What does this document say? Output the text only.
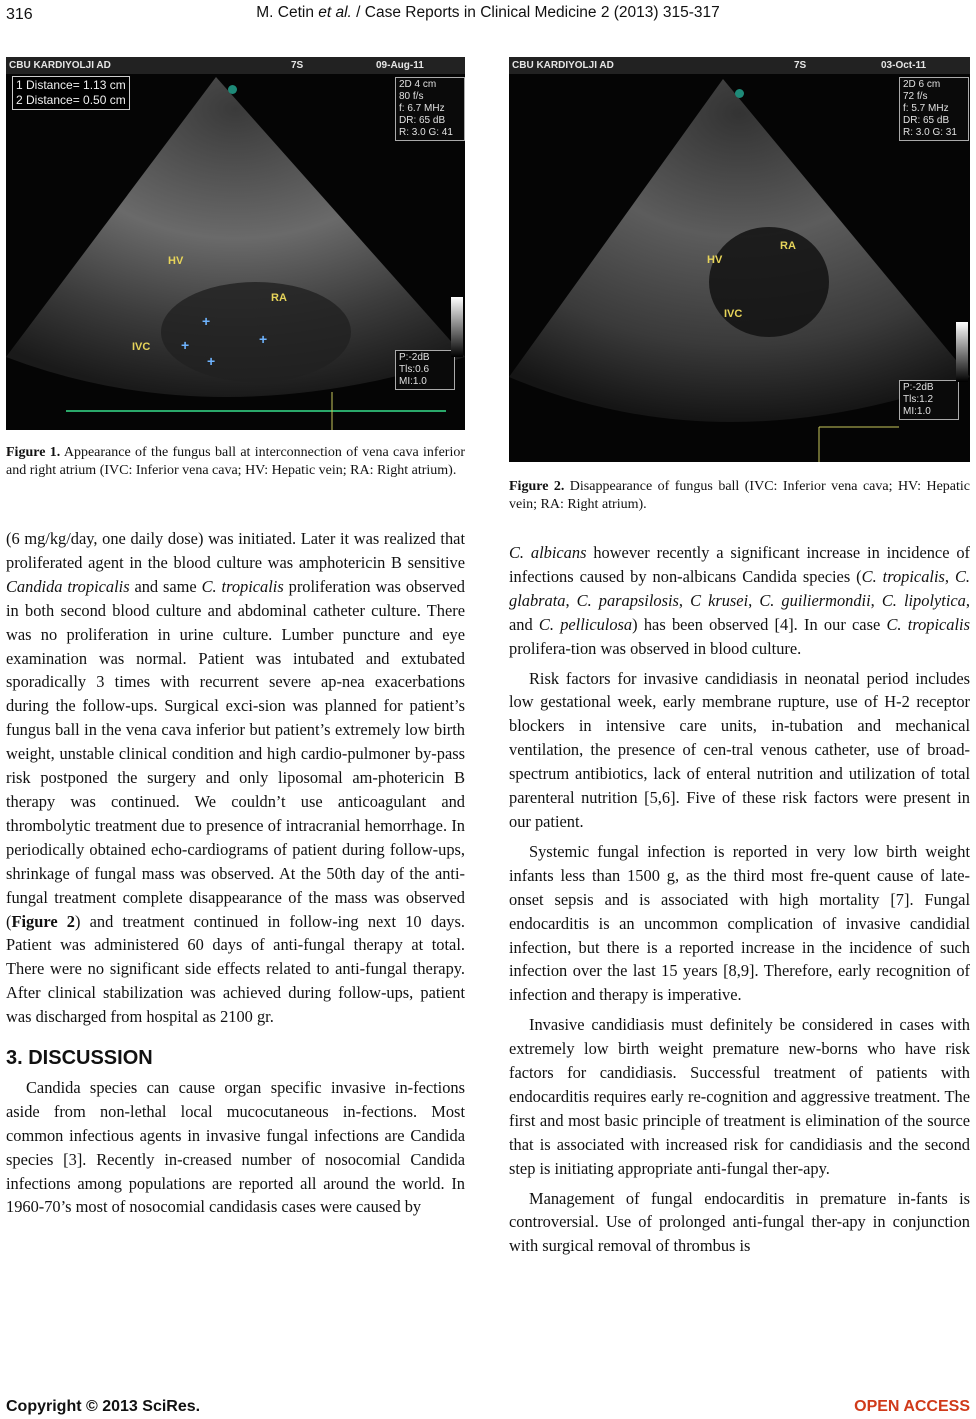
316	M. Cetin et al. / Case Reports in Clinical Medicine 2 (2013) 315-317
CBU KARDIYOLJI AD	7S	09-Aug-11
1 Distance= 1.13 cm
2 Distance= 0.50 cm
2D 4 cm
80 f/s
f: 6.7 MHz
DR: 65 dB
R: 3.0 G: 41
P:-2dB
Tls:0.6
MI:1.0
HV
RA
IVC
+
+	+
+
CBU KARDIYOLJI AD	7S	03-Oct-11
2D 6 cm
72 f/s
f: 5.7 MHz
DR: 65 dB
R: 3.0 G: 31
P:-2dB
Tls:1.2
MI:1.0
HV
RA
IVC
Figure 1. Appearance of the fungus ball at interconnection of vena cava inferior and right atrium (IVC: Inferior vena cava; HV: Hepatic vein; RA: Right atrium).
Figure 2. Disappearance of fungus ball (IVC: Inferior vena cava; HV: Hepatic vein; RA: Right atrium).

(6 mg/kg/day, one daily dose) was initiated. Later it was realized that proliferated agent in the blood culture was amphotericin B sensitive Candida tropicalis and same C. tropicalis proliferation was observed in both second blood culture and abdominal catheter culture. There was no proliferation in urine culture. Lumber puncture and eye examination was normal. Patient was intubated and extubated sporadically 3 times with recurrent severe ap-nea exacerbations during the follow-ups. Surgical exci-sion was planned for patient’s fungus ball in the vena cava inferior but patient’s extremely low birth weight, unstable clinical condition and high cardio-pulmoner by-pass risk postponed the surgery and only liposomal am-photericin B therapy was continued. We couldn’t use anticoagulant and thrombolytic treatment due to presence of intracranial hemorrhage. In periodically obtained echo-cardiograms of patient during follow-ups, shrinkage of fungal mass was observed. At the 50th day of the anti-fungal treatment complete disappearance of the mass was observed (Figure 2) and treatment continued in follow-ing next 10 days. Patient was administered 60 days of anti-fungal therapy at total. There were no significant side effects related to anti-fungal therapy. After clinical stabilization was achieved during follow-ups, patient was discharged from hospital as 2100 gr.

3. DISCUSSION

Candida species can cause organ specific invasive in-fections aside from non-lethal local mucocutaneous in-fections. Most common infectious agents in invasive fungal infections are Candida species [3]. Recently in-creased number of nosocomial Candida infections among populations are reported all around the world. In 1960-70’s most of nosocomial candidasis cases were caused by

C. albicans however recently a significant increase in incidence of infections caused by non-albicans Candida species (C. tropicalis, C. glabrata, C. parapsilosis, C krusei, C. guiliermondii, C. lipolytica, and C. pelliculosa) has been observed [4]. In our case C. tropicalis prolifera-tion was observed in blood culture.

Risk factors for invasive candidiasis in neonatal period includes low gestational week, early membrane rupture, use of H-2 receptor blockers in intensive care units, in-tubation and mechanical ventilation, the presence of cen-tral venous catheter, use of broad-spectrum antibiotics, lack of enteral nutrition and utilization of total parenteral nutrition [5,6]. Five of these risk factors were present in our patient.

Systemic fungal infection is reported in very low birth weight infants less than 1500 g, as the third most fre-quent cause of late-onset sepsis and is associated with high mortality [7]. Fungal endocarditis is an uncommon complication of invasive candidial infection, but there is a reported increase in the incidence of such infection over the last 15 years [8,9]. Therefore, early recognition of infection and therapy is imperative.

Invasive candidiasis must definitely be considered in cases with extremely low birth weight premature new-borns who have risk factors for candidiasis. Successful treatment of patients with endocarditis requires early re-cognition and aggressive treatment. The first and most basic principle of treatment is elimination of the source that is associated with increased risk for candidiasis and the second step is initiating appropriate anti-fungal ther-apy.

Management of fungal endocarditis in premature in-fants is controversial. Use of prolonged anti-fungal ther-apy in conjunction with surgical removal of thrombus is

Copyright © 2013 SciRes.	OPEN ACCESS
